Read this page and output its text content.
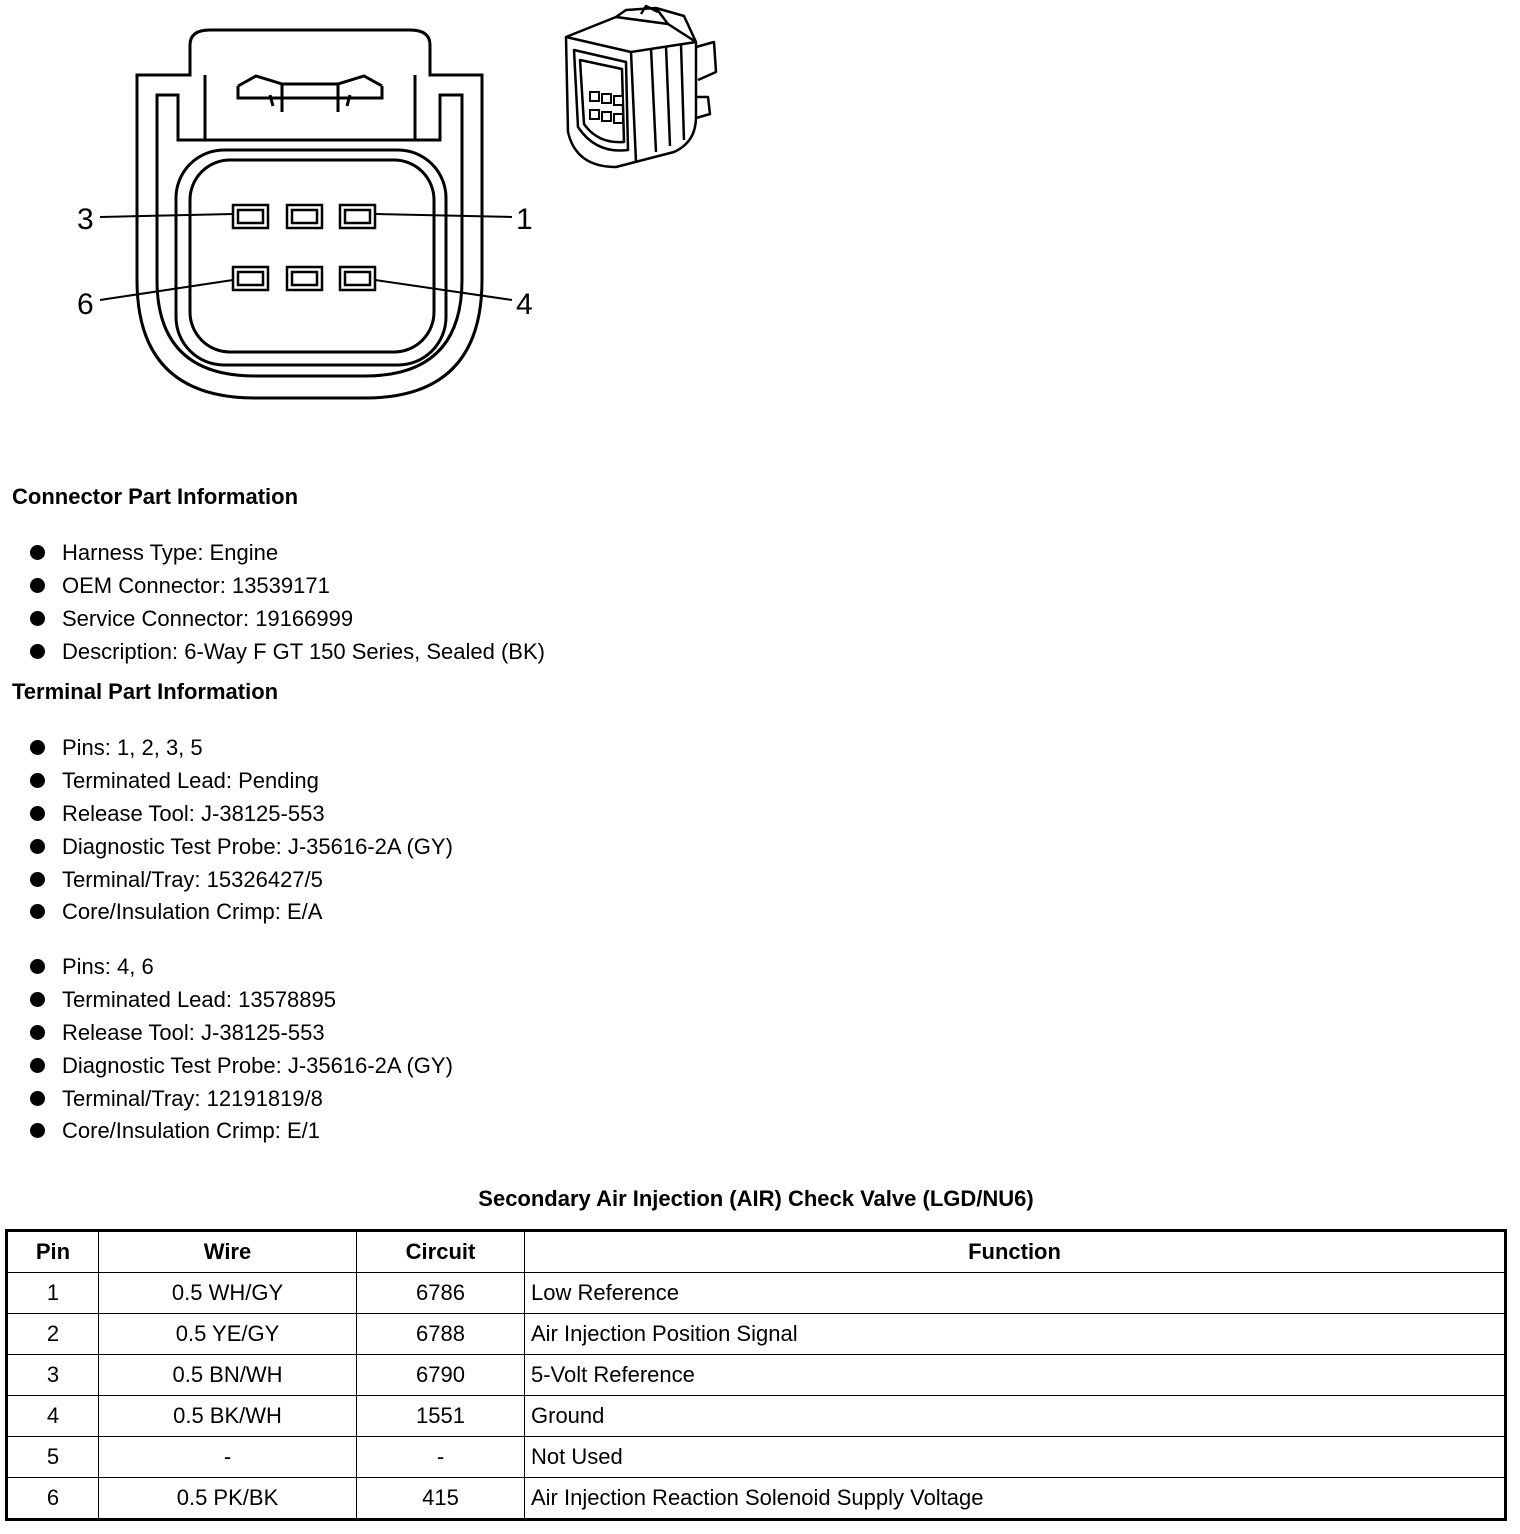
3	1
6	4
Connector Part Information
Harness Type: Engine
OEM Connector: 13539171
Service Connector: 19166999
Description: 6-Way F GT 150 Series, Sealed (BK)
Terminal Part Information
Pins: 1, 2, 3, 5
Terminated Lead: Pending
Release Tool: J-38125-553
Diagnostic Test Probe: J-35616-2A (GY)
Terminal/Tray: 15326427/5
Core/Insulation Crimp: E/A
Pins: 4, 6
Terminated Lead: 13578895
Release Tool: J-38125-553
Diagnostic Test Probe: J-35616-2A (GY)
Terminal/Tray: 12191819/8
Core/Insulation Crimp: E/1
Secondary Air Injection (AIR) Check Valve (LGD/NU6)
Pin	Wire	Circuit	Function
1	0.5 WH/GY	6786	Low Reference
2	0.5 YE/GY	6788	Air Injection Position Signal
3	0.5 BN/WH	6790	5-Volt Reference
4	0.5 BK/WH	1551	Ground
5	-	-	Not Used
6	0.5 PK/BK	415	Air Injection Reaction Solenoid Supply Voltage
